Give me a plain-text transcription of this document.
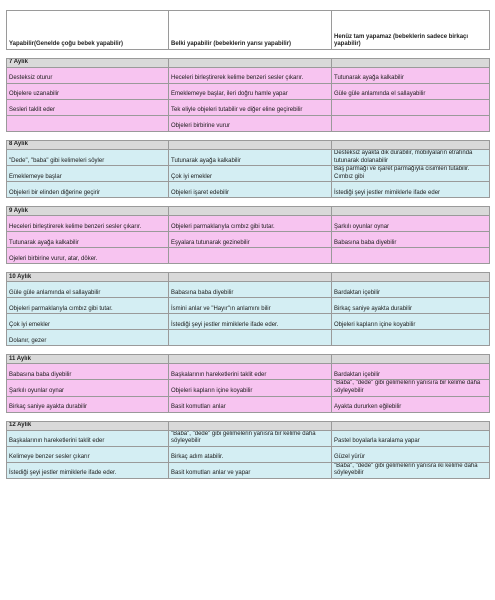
Yapabilir(Genelde çoğu bebek yapabilir)	Belki yapabilir (bebeklerin yarısı yapabilir)	Henüz tam yapamaz (bebeklerin sadece birkaçı yapabilir)

7 Aylık		
Desteksiz oturur	Heceleri birleştirerek kelime benzeri sesler çıkarır.	Tutunarak ayağa kalkabilir
Objelere uzanabilir	Emeklemeye başlar, ileri doğru hamle yapar	Güle güle anlamında el sallayabilir
Sesleri taklit eder	Tek eliyle objeleri tutabilir ve diğer eline geçirebilir	
	Objeleri birbirine vurur	

8 Aylık		
"Dede", "baba" gibi kelimeleri söyler	Tutunarak ayağa kalkabilir	Desteksiz ayakta dik durabilir, mobilyaların etrafında tutunarak dolanabilir
Emeklemeye başlar	Çok iyi emekler	Baş parmağı ve işaret parmağıyla cisimleri tutabilir. Cımbız gibi
Objeleri bir elinden diğerine geçirir	Objeleri işaret edebilir	İstediği şeyi jestler mimiklerle ifade eder

9 Aylık		
Heceleri birleştirerek kelime benzeri sesler çıkarır.	Objeleri parmaklarıyla cımbız gibi tutar.	Şarkılı oyunlar oynar
Tutunarak ayağa kalkabilir	Eşyalara tutunarak gezinebilir	Babasına baba diyebilir
Ojeleri birbirine vurur, atar, döker.		

10 Aylık		
Güle güle anlamında el sallayabilir	Babasına baba diyebilir	Bardaktan içebilir
Objeleri parmaklarıyla cımbız gibi tutar.	İsmini anlar ve "Hayır"ın anlamını bilir	Birkaç saniye ayakta durabilir
Çok iyi emekler	İstediği şeyi jestler mimiklerle ifade eder.	Objeleri kapların içine koyabilir
Dolanır, gezer		

11 Aylık		
Babasına baba diyebilir	Başkalarının hareketlerini taklit eder	Bardaktan içebilir
Şarkılı oyunlar oynar	Objeleri kapların içine koyabilir	"Baba", "dede" gibi gelimelerin yanısıra bir kelime daha söyleyebilir
Birkaç saniye ayakta durabilir	Basit komutları anlar	Ayakta dururken eğilebilir

12 Aylık		
Başkalarının hareketlerini taklit eder	"Baba", "dede" gibi gelimelerin yanısra bir kelime daha söyleyebilir	Pastel boyalarla karalama yapar
Kelimeye benzer sesler çıkarır	Birkaç adım atabilir.	Güzel yürür
İstediği şeyi jestler mimiklerle ifade eder.	Basit komutları anlar ve yapar	"Baba", "dede" gibi gelimelerin yanısra iki kelime daha söyleyebilir
